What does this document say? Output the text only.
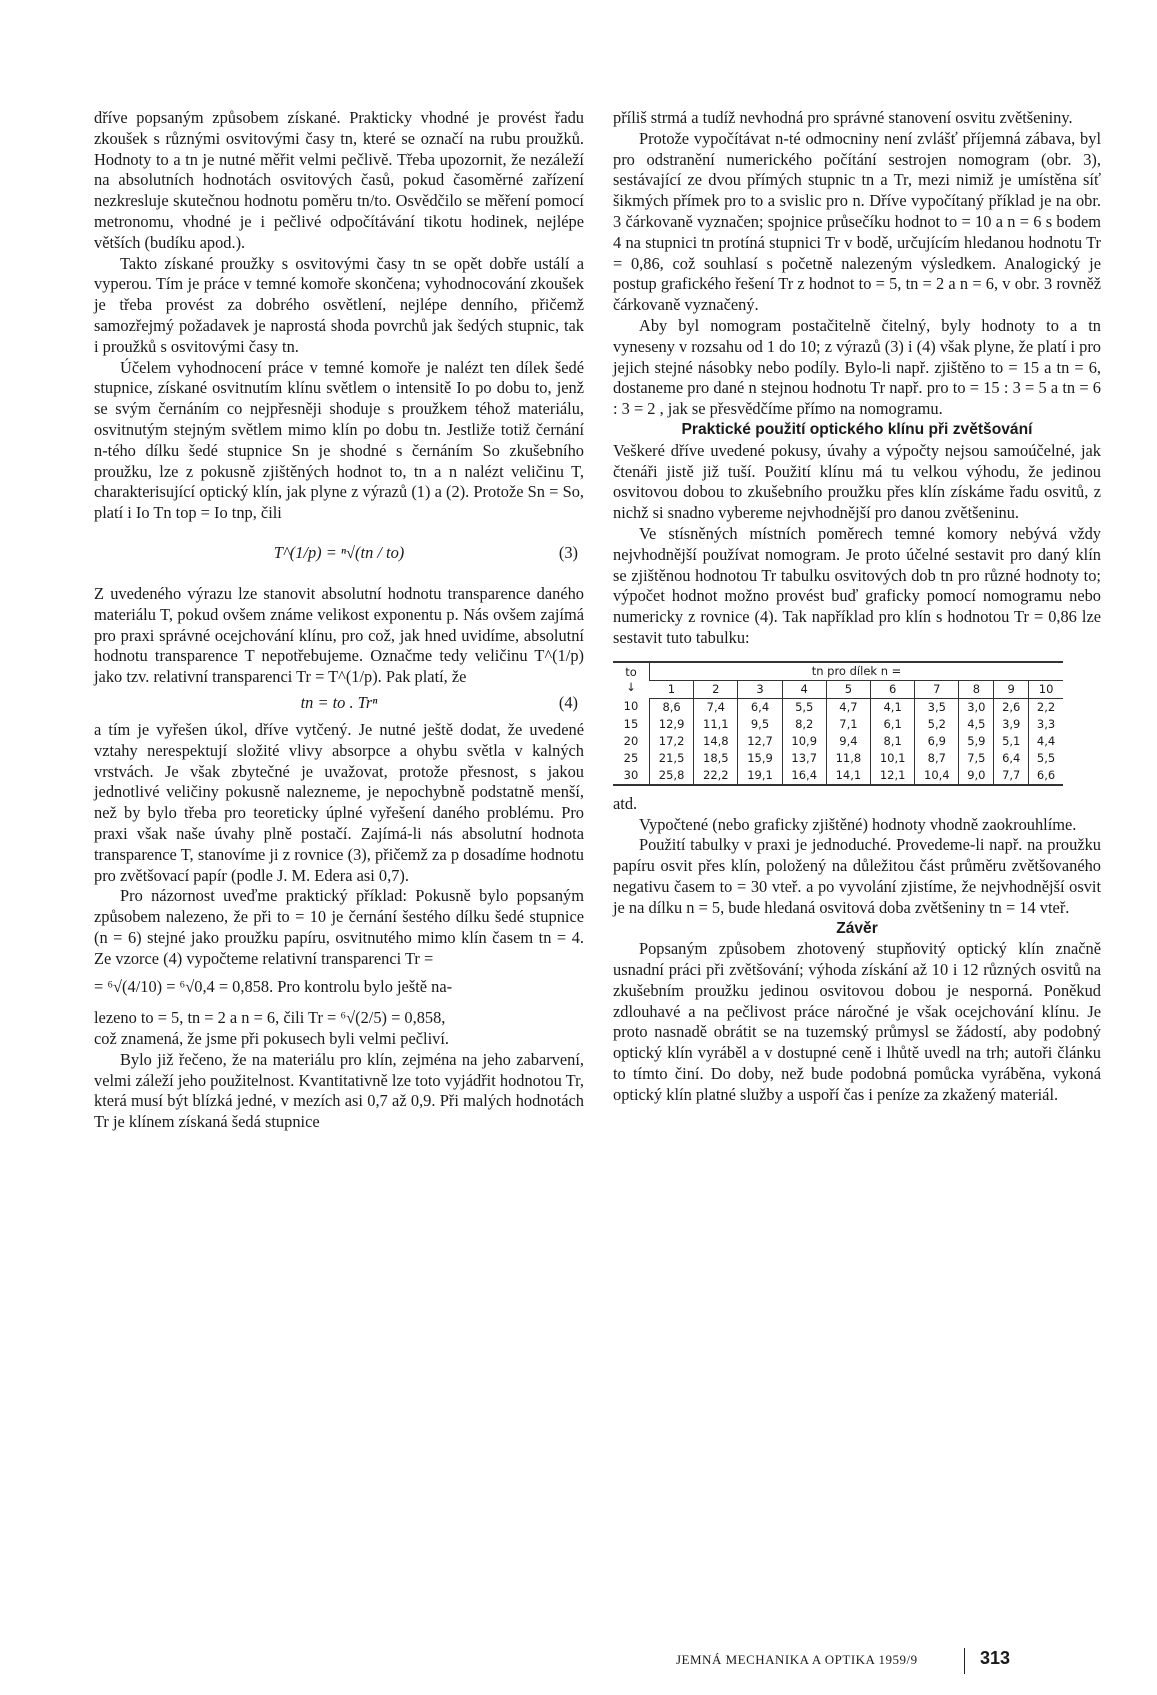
dříve popsaným způsobem získané. Prakticky vhodné je provést řadu zkoušek s různými osvitovými časy tn, které se označí na rubu proužků. Hodnoty to a tn je nutné měřit velmi pečlivě. Třeba upozornit, že nezáleží na absolutních hodnotách osvitových časů, pokud časoměrné zařízení nezkresluje skutečnou hodnotu poměru tn/to. Osvědčilo se měření pomocí metronomu, vhodné je i pečlivé odpočítávání tikotu hodinek, nejlépe větších (budíku apod.).

Takto získané proužky s osvitovými časy tn se opět dobře ustálí a vyperou. Tím je práce v temné komoře skončena; vyhodnocování zkoušek je třeba provést za dobrého osvětlení, nejlépe denního, přičemž samozřejmý požadavek je naprostá shoda povrchů jak šedých stupnic, tak i proužků s osvitovými časy tn.

Účelem vyhodnocení práce v temné komoře je nalézt ten dílek šedé stupnice, získané osvitnutím klínu světlem o intensitě Io po dobu to, jenž se svým černáním co nejpřesněji shoduje s proužkem téhož materiálu, osvitnutým stejným světlem mimo klín po dobu tn. Jestliže totiž černání n-tého dílku šedé stupnice Sn je shodné s černáním So zkušebního proužku, lze z pokusně zjištěných hodnot to, tn a n nalézt veličinu T, charakterisující optický klín, jak plyne z výrazů (1) a (2). Protože Sn = So, platí i Io Tn top = Io tnp, čili

T^(1/p) = ⁿ√(tn / to)	(3)

Z uvedeného výrazu lze stanovit absolutní hodnotu transparence daného materiálu T, pokud ovšem známe velikost exponentu p. Nás ovšem zajímá pro praxi správné ocejchování klínu, pro což, jak hned uvidíme, absolutní hodnotu transparence T nepotřebujeme. Označme tedy veličinu T^(1/p) jako tzv. relativní transparenci Tr = T^(1/p). Pak platí, že

tn = to . Trⁿ	(4)

a tím je vyřešen úkol, dříve vytčený. Je nutné ještě dodat, že uvedené vztahy nerespektují složité vlivy absorpce a ohybu světla v kalných vrstvách. Je však zbytečné je uvažovat, protože přesnost, s jakou jednotlivé veličiny pokusně nalezneme, je nepochybně podstatně menší, než by bylo třeba pro teoreticky úplné vyřešení daného problému. Pro praxi však naše úvahy plně postačí. Zajímá-li nás absolutní hodnota transparence T, stanovíme ji z rovnice (3), přičemž za p dosadíme hodnotu pro zvětšovací papír (podle J. M. Edera asi 0,7).

Pro názornost uveďme praktický příklad: Pokusně bylo popsaným způsobem nalezeno, že při to = 10 je černání šestého dílku šedé stupnice (n = 6) stejné jako proužku papíru, osvitnutého mimo klín časem tn = 4. Ze vzorce (4) vypočteme relativní transparenci Tr =

= ⁶√(4/10) = ⁶√0,4 = 0,858. Pro kontrolu bylo ještě na-

lezeno to = 5, tn = 2 a n = 6, čili Tr = ⁶√(2/5) = 0,858,

což znamená, že jsme při pokusech byli velmi pečliví.

Bylo již řečeno, že na materiálu pro klín, zejména na jeho zabarvení, velmi záleží jeho použitelnost. Kvantitativně lze toto vyjádřit hodnotou Tr, která musí být blízká jedné, v mezích asi 0,7 až 0,9. Při malých hodnotách Tr je klínem získaná šedá stupnice

příliš strmá a tudíž nevhodná pro správné stanovení osvitu zvětšeniny.

Protože vypočítávat n-té odmocniny není zvlášť příjemná zábava, byl pro odstranění numerického počítání sestrojen nomogram (obr. 3), sestávající ze dvou přímých stupnic tn a Tr, mezi nimiž je umístěna síť šikmých přímek pro to a svislic pro n. Dříve vypočítaný příklad je na obr. 3 čárkovaně vyznačen; spojnice průsečíku hodnot to = 10 a n = 6 s bodem 4 na stupnici tn protíná stupnici Tr v bodě, určujícím hledanou hodnotu Tr = 0,86, což souhlasí s početně nalezeným výsledkem. Analogický je postup grafického řešení Tr z hodnot to = 5, tn = 2 a n = 6, v obr. 3 rovněž čárkovaně vyznačený.

Aby byl nomogram postačitelně čitelný, byly hodnoty to a tn vyneseny v rozsahu od 1 do 10; z výrazů (3) i (4) však plyne, že platí i pro jejich stejné násobky nebo podíly. Bylo-li např. zjištěno to = 15 a tn = 6, dostaneme pro dané n stejnou hodnotu Tr např. pro to = 15 : 3 = 5 a tn = 6 : 3 = 2 , jak se přesvědčíme přímo na nomogramu.

Praktické použití optického klínu při zvětšování

Veškeré dříve uvedené pokusy, úvahy a výpočty nejsou samoúčelné, jak čtenáři jistě již tuší. Použití klínu má tu velkou výhodu, že jedinou osvitovou dobou to zkušebního proužku přes klín získáme řadu osvitů, z nichž si snadno vybereme nejvhodnější pro danou zvětšeninu.

Ve stísněných místních poměrech temné komory nebývá vždy nejvhodnější používat nomogram. Je proto účelné sestavit pro daný klín se zjištěnou hodnotou Tr tabulku osvitových dob tn pro různé hodnoty to; výpočet hodnot možno provést buď graficky pomocí nomogramu nebo numericky z rovnice (4). Tak například pro klín s hodnotou Tr = 0,86 lze sestavit tuto tabulku:

to
↓	tn pro dílek n =									
	1	2	3	4	5	6	7	8	9	10
10	8,6	7,4	6,4	5,5	4,7	4,1	3,5	3,0	2,6	2,2
15	12,9	11,1	9,5	8,2	7,1	6,1	5,2	4,5	3,9	3,3
20	17,2	14,8	12,7	10,9	9,4	8,1	6,9	5,9	5,1	4,4
25	21,5	18,5	15,9	13,7	11,8	10,1	8,7	7,5	6,4	5,5
30	25,8	22,2	19,1	16,4	14,1	12,1	10,4	9,0	7,7	6,6

atd.

Vypočtené (nebo graficky zjištěné) hodnoty vhodně zaokrouhlíme.

Použití tabulky v praxi je jednoduché. Provedeme-li např. na proužku papíru osvit přes klín, položený na důležitou část průměru zvětšovaného negativu časem to = 30 vteř. a po vyvolání zjistíme, že nejvhodnější osvit je na dílku n = 5, bude hledaná osvitová doba zvětšeniny tn = 14 vteř.

Závěr

Popsaným způsobem zhotovený stupňovitý optický klín značně usnadní práci při zvětšování; výhoda získání až 10 i 12 různých osvitů na zkušebním proužku jedinou osvitovou dobou je nesporná. Poněkud zdlouhavé a na pečlivost práce náročné je však ocejchování klínu. Je proto nasnadě obrátit se na tuzemský průmysl se žádostí, aby podobný optický klín vyráběl a v dostupné ceně i lhůtě uvedl na trh; autoři článku to tímto činí. Do doby, než bude podobná pomůcka vyráběna, vykoná optický klín platné služby a uspoří čas i peníze za zkažený materiál.

JEMNÁ MECHANIKA A OPTIKA 1959/9	313
